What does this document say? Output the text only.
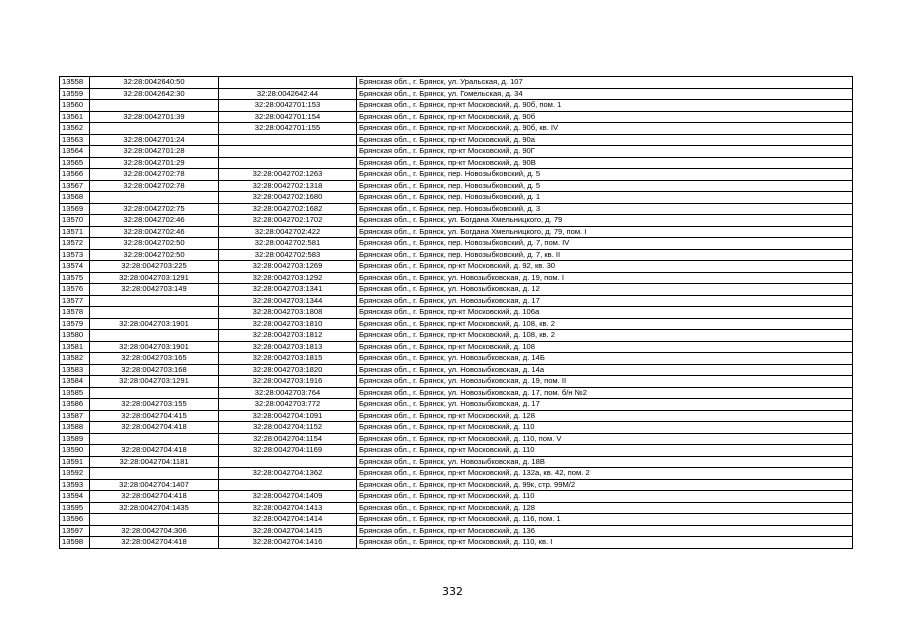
13558	32:28:0042640:50		Брянская обл., г. Брянск, ул. Уральская, д. 107
13559	32:28:0042642:30	32:28:0042642:44	Брянская обл., г. Брянск, ул. Гомельская, д. 34
13560		32:28:0042701:153	Брянская обл., г. Брянск, пр-кт Московский, д. 90б, пом. 1
13561	32:28:0042701:39	32:28:0042701:154	Брянская обл., г. Брянск, пр-кт Московский, д. 90б
13562		32:28:0042701:155	Брянская обл., г. Брянск, пр-кт Московский, д. 90б, кв. IV
13563	32:28:0042701:24		Брянская обл., г. Брянск, пр-кт Московский, д. 90а
13564	32:28:0042701:28		Брянская обл., г. Брянск, пр-кт Московский, д. 90Г
13565	32:28:0042701:29		Брянская обл., г. Брянск, пр-кт Московский, д. 90В
13566	32:28:0042702:78	32:28:0042702:1263	Брянская обл., г. Брянск, пер. Новозыбковский, д. 5
13567	32:28:0042702:78	32:28:0042702:1318	Брянская обл., г. Брянск, пер. Новозыбковский, д. 5
13568		32:28:0042702:1680	Брянская обл., г. Брянск, пер. Новозыбковский, д. 1
13569	32:28:0042702:75	32:28:0042702:1682	Брянская обл., г. Брянск, пер. Новозыбковский, д. 3
13570	32:28:0042702:46	32:28:0042702:1702	Брянская обл., г. Брянск, ул. Богдана Хмельницкого, д. 79
13571	32:28:0042702:46	32:28:0042702:422	Брянская обл., г. Брянск, ул. Богдана Хмельницкого, д. 79, пом. I
13572	32:28:0042702:50	32:28:0042702:581	Брянская обл., г. Брянск, пер. Новозыбковский, д. 7, пом. IV
13573	32:28:0042702:50	32:28:0042702:583	Брянская обл., г. Брянск, пер. Новозыбковский, д. 7, кв. II
13574	32:28:0042703:225	32:28:0042703:1269	Брянская обл., г. Брянск, пр-кт Московский, д. 92, кв. 30
13575	32:28:0042703:1291	32:28:0042703:1292	Брянская обл., г. Брянск, ул. Новозыбковская, д. 19, пом. I
13576	32:28:0042703:149	32:28:0042703:1341	Брянская обл., г. Брянск, ул. Новозыбковская, д. 12
13577		32:28:0042703:1344	Брянская обл., г. Брянск, ул. Новозыбковская, д. 17
13578		32:28:0042703:1808	Брянская обл., г. Брянск, пр-кт Московский, д. 106а
13579	32:28:0042703:1901	32:28:0042703:1810	Брянская обл., г. Брянск, пр-кт Московский, д. 108, кв. 2
13580		32:28:0042703:1812	Брянская обл., г. Брянск, пр-кт Московский, д. 108, кв. 2
13581	32:28:0042703:1901	32:28:0042703:1813	Брянская обл., г. Брянск, пр-кт Московский, д. 108
13582	32:28:0042703:165	32:28:0042703:1815	Брянская обл., г. Брянск, ул. Новозыбковская, д. 14Б
13583	32:28:0042703:168	32:28:0042703:1820	Брянская обл., г. Брянск, ул. Новозыбковская, д. 14а
13584	32:28:0042703:1291	32:28:0042703:1916	Брянская обл., г. Брянск, ул. Новозыбковская, д. 19, пом. II
13585		32:28:0042703:764	Брянская обл., г. Брянск, ул. Новозыбковская, д. 17, пом. б/н №2
13586	32:28:0042703:155	32:28:0042703:772	Брянская обл., г. Брянск, ул. Новозыбковская, д. 17
13587	32:28:0042704:415	32:28:0042704:1091	Брянская обл., г. Брянск, пр-кт Московский, д. 128
13588	32:28:0042704:418	32:28:0042704:1152	Брянская обл., г. Брянск, пр-кт Московский, д. 110
13589		32:28:0042704:1154	Брянская обл., г. Брянск, пр-кт Московский, д. 110, пом. V
13590	32:28:0042704:418	32:28:0042704:1169	Брянская обл., г. Брянск, пр-кт Московский, д. 110
13591	32:28:0042704:1181		Брянская обл., г. Брянск, ул. Новозыбковская, д. 18В
13592		32:28:0042704:1362	Брянская обл., г. Брянск, пр-кт Московский, д. 132а, кв. 42, пом. 2
13593	32:28:0042704:1407		Брянская обл., г. Брянск, пр-кт Московский, д. 99к, стр. 99М/2
13594	32:28:0042704:418	32:28:0042704:1409	Брянская обл., г. Брянск, пр-кт Московский, д. 110
13595	32:28:0042704:1435	32:28:0042704:1413	Брянская обл., г. Брянск, пр-кт Московский, д. 128
13596		32:28:0042704:1414	Брянская обл., г. Брянск, пр-кт Московский, д. 116, пом. 1
13597	32:28:0042704:306	32:28:0042704:1415	Брянская обл., г. Брянск, пр-кт Московский, д. 136
13598	32:28:0042704:418	32:28:0042704:1416	Брянская обл., г. Брянск, пр-кт Московский, д. 110, кв. I
332
